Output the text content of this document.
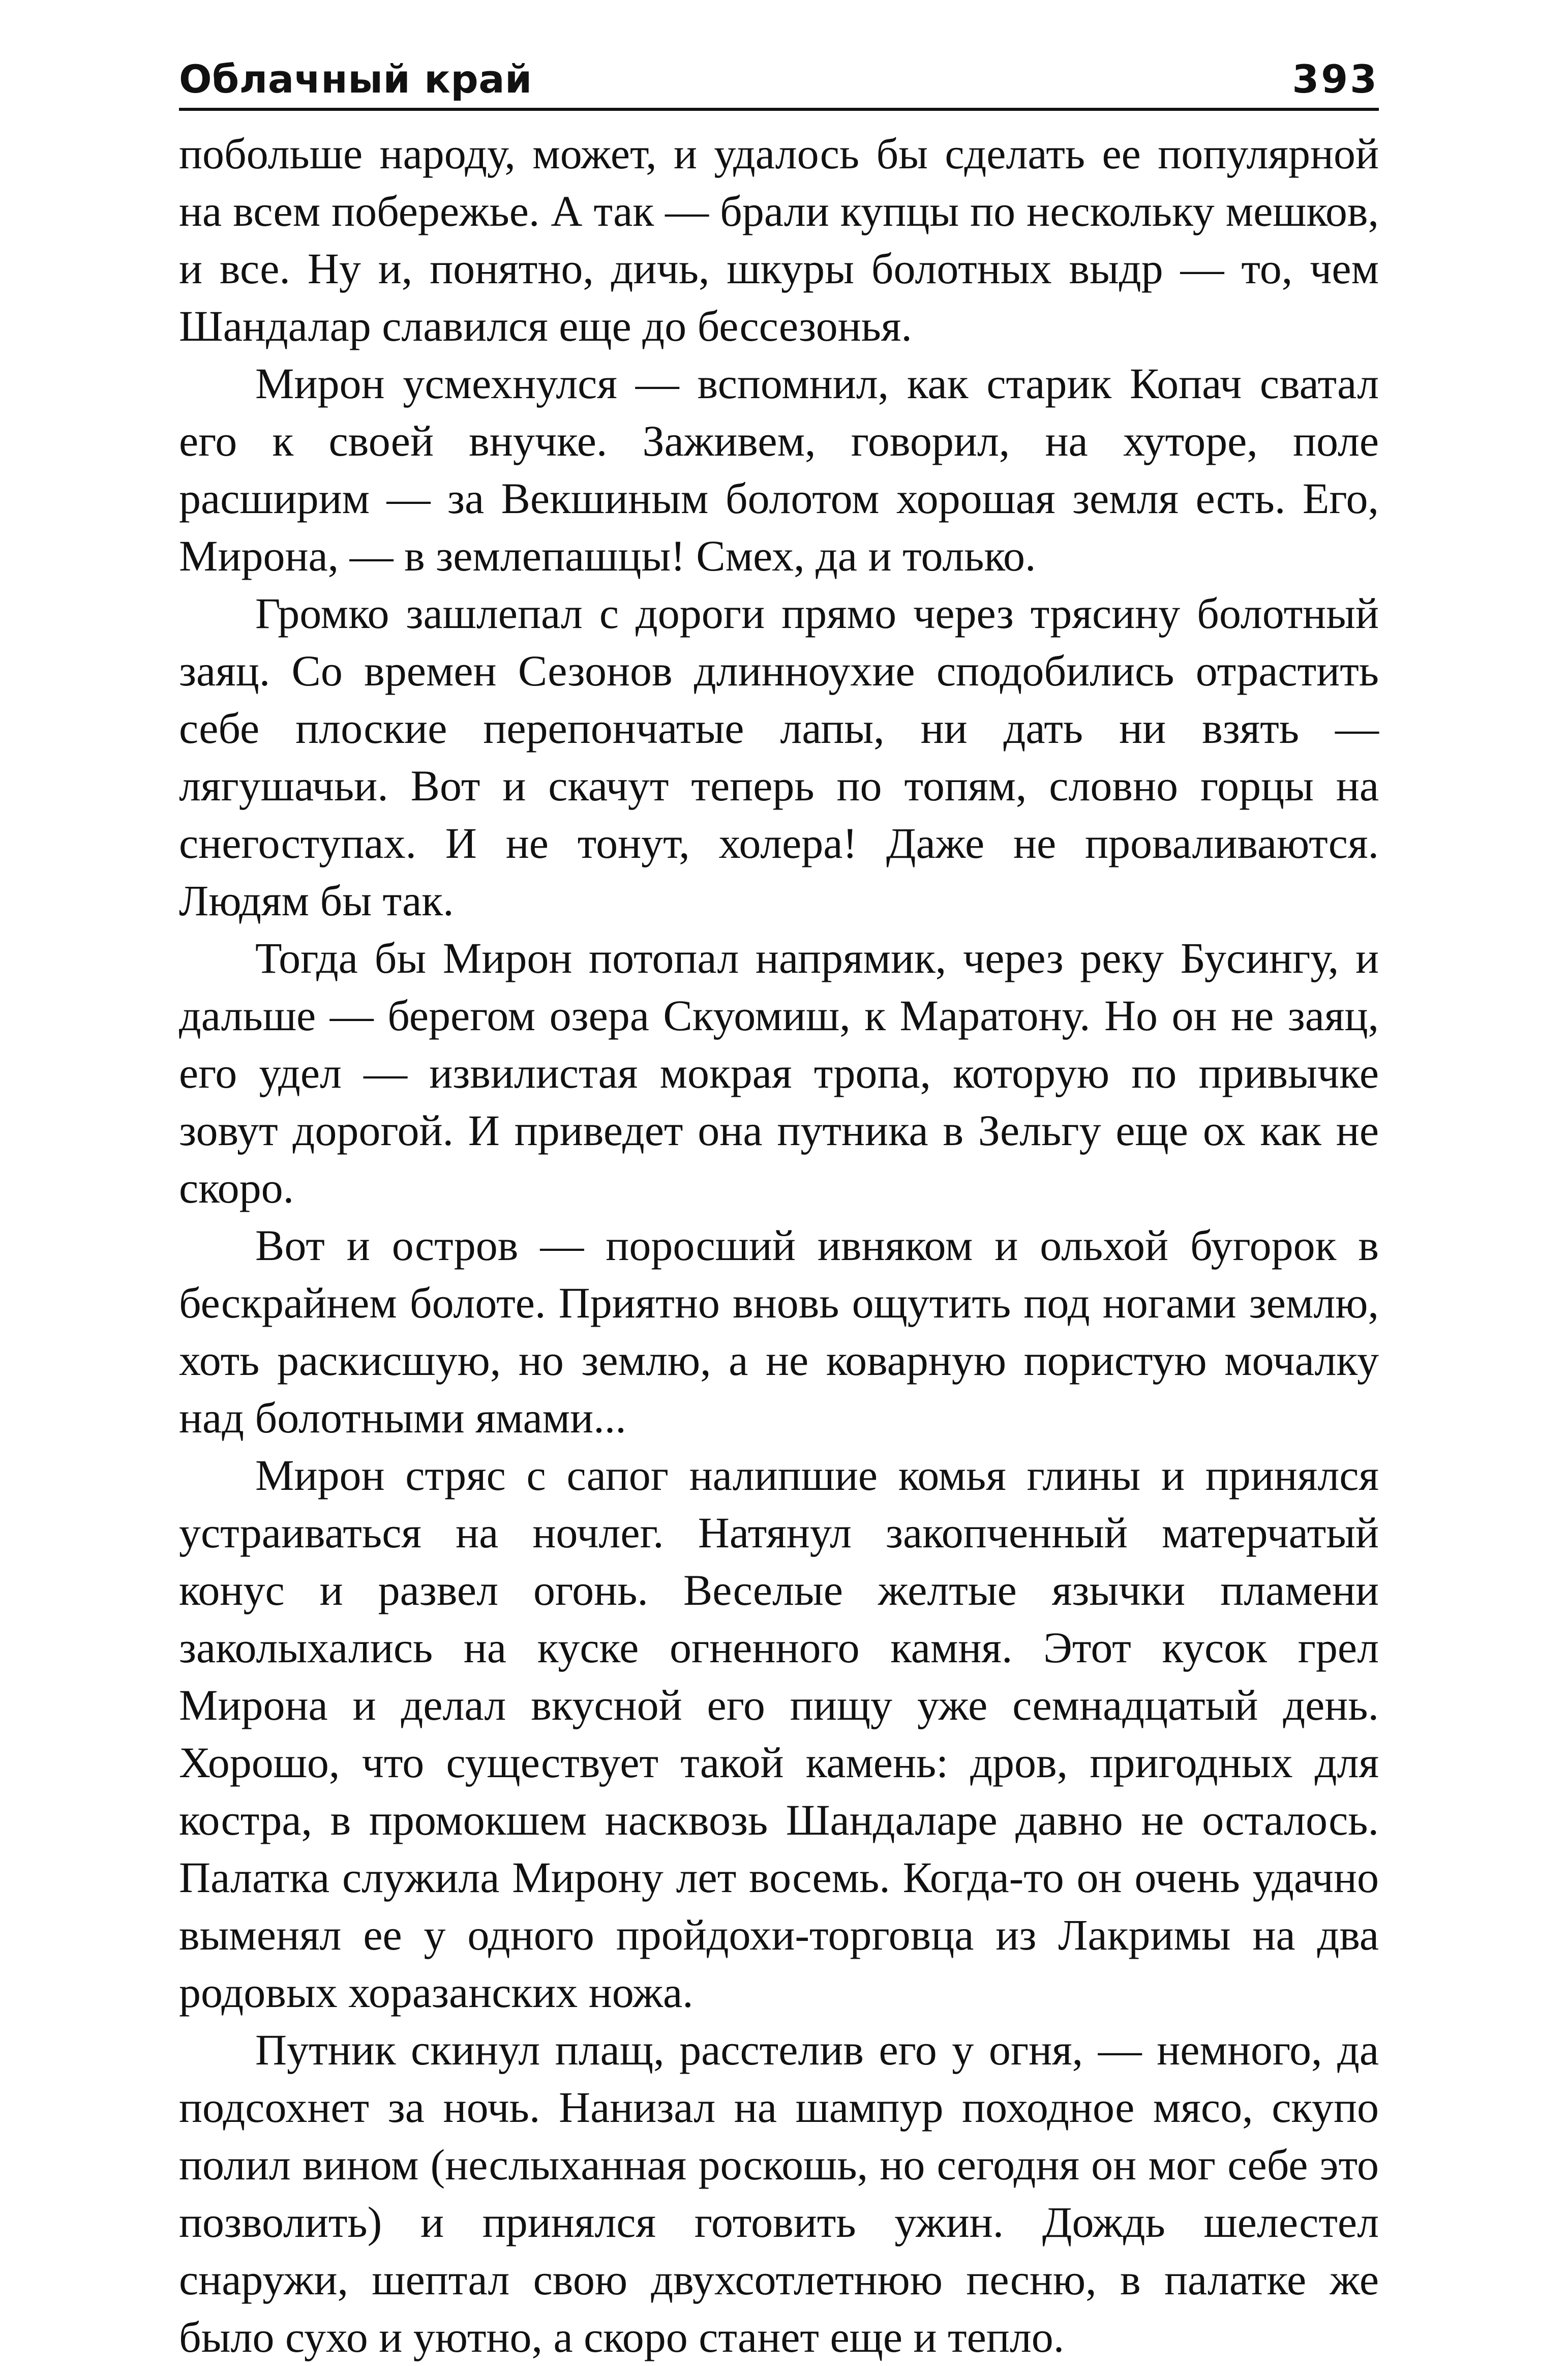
Облачный край	393

побольше народу, может, и удалось бы сделать ее популярной на всем побережье. А так — брали купцы по нескольку мешков, и все. Ну и, понятно, дичь, шкуры болотных выдр — то, чем Шандалар славился еще до бессезонья.

Мирон усмехнулся — вспомнил, как старик Копач сватал его к своей внучке. Заживем, говорил, на хуторе, поле расширим — за Векшиным болотом хорошая земля есть. Его, Мирона, — в землепашцы! Смех, да и только.

Громко зашлепал с дороги прямо через трясину болотный заяц. Со времен Сезонов длинноухие сподобились отрастить себе плоские перепончатые лапы, ни дать ни взять — лягушачьи. Вот и скачут теперь по топям, словно горцы на снегоступах. И не тонут, холера! Даже не проваливаются. Людям бы так.

Тогда бы Мирон потопал напрямик, через реку Бусингу, и дальше — берегом озера Скуомиш, к Маратону. Но он не заяц, его удел — извилистая мокрая тропа, которую по привычке зовут дорогой. И приведет она путника в Зельгу еще ох как не скоро.

Вот и остров — поросший ивняком и ольхой бугорок в бескрайнем болоте. Приятно вновь ощутить под ногами землю, хоть раскисшую, но землю, а не коварную пористую мочалку над болотными ямами...

Мирон стряс с сапог налипшие комья глины и принялся устраиваться на ночлег. Натянул закопченный матерчатый конус и развел огонь. Веселые желтые язычки пламени заколыхались на куске огненного камня. Этот кусок грел Мирона и делал вкусной его пищу уже семнадцатый день. Хорошо, что существует такой камень: дров, пригодных для костра, в промокшем насквозь Шандаларе давно не осталось. Палатка служила Мирону лет восемь. Когда-то он очень удачно выменял ее у одного пройдохи-торговца из Лакримы на два родовых хоразанских ножа.

Путник скинул плащ, расстелив его у огня, — немного, да подсохнет за ночь. Нанизал на шампур походное мясо, скупо полил вином (неслыханная роскошь, но сегодня он мог себе это позволить) и принялся готовить ужин. Дождь шелестел снаружи, шептал свою двухсотлетнюю песню, в палатке же было сухо и уютно, а скоро станет еще и тепло.
